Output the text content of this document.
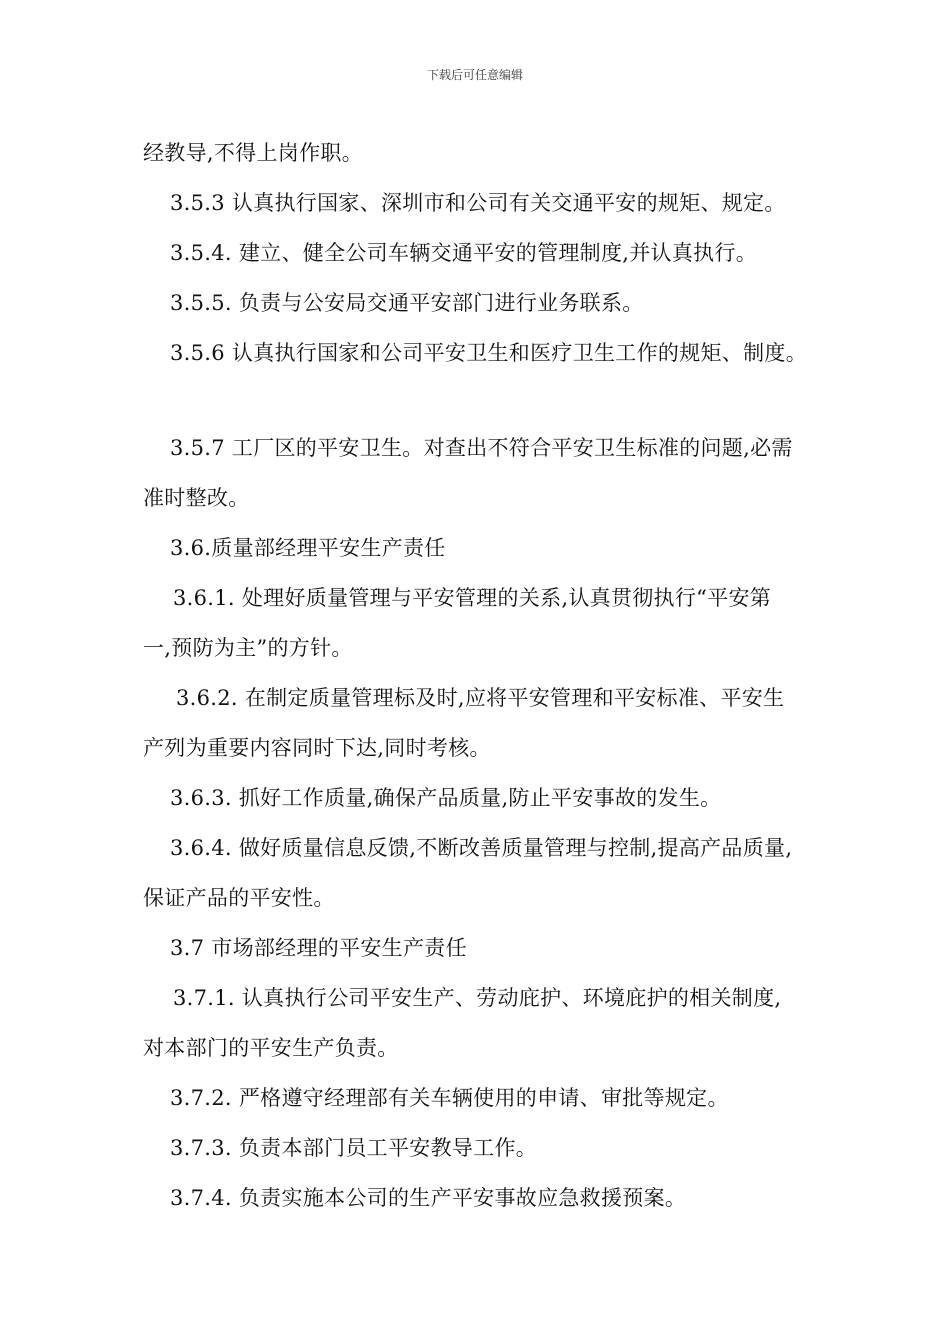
下载后可任意编辑
经教导,不得上岗作职。
3.5.3 认真执行国家、深圳市和公司有关交通平安的规矩、规定。
3.5.4. 建立、健全公司车辆交通平安的管理制度,并认真执行。
3.5.5. 负责与公安局交通平安部门进行业务联系。
3.5.6 认真执行国家和公司平安卫生和医疗卫生工作的规矩、制度。
3.5.7 工厂区的平安卫生。对查出不符合平安卫生标准的问题,必需
准时整改。
3.6.质量部经理平安生产责任
3.6.1. 处理好质量管理与平安管理的关系,认真贯彻执行“平安第
一,预防为主”的方针。
3.6.2. 在制定质量管理标及时,应将平安管理和平安标准、平安生
产列为重要内容同时下达,同时考核。
3.6.3. 抓好工作质量,确保产品质量,防止平安事故的发生。
3.6.4. 做好质量信息反馈,不断改善质量管理与控制,提高产品质量,
保证产品的平安性。
3.7 市场部经理的平安生产责任
3.7.1. 认真执行公司平安生产、劳动庇护、环境庇护的相关制度,
对本部门的平安生产负责。
3.7.2. 严格遵守经理部有关车辆使用的申请、审批等规定。
3.7.3. 负责本部门员工平安教导工作。
3.7.4. 负责实施本公司的生产平安事故应急救援预案。
